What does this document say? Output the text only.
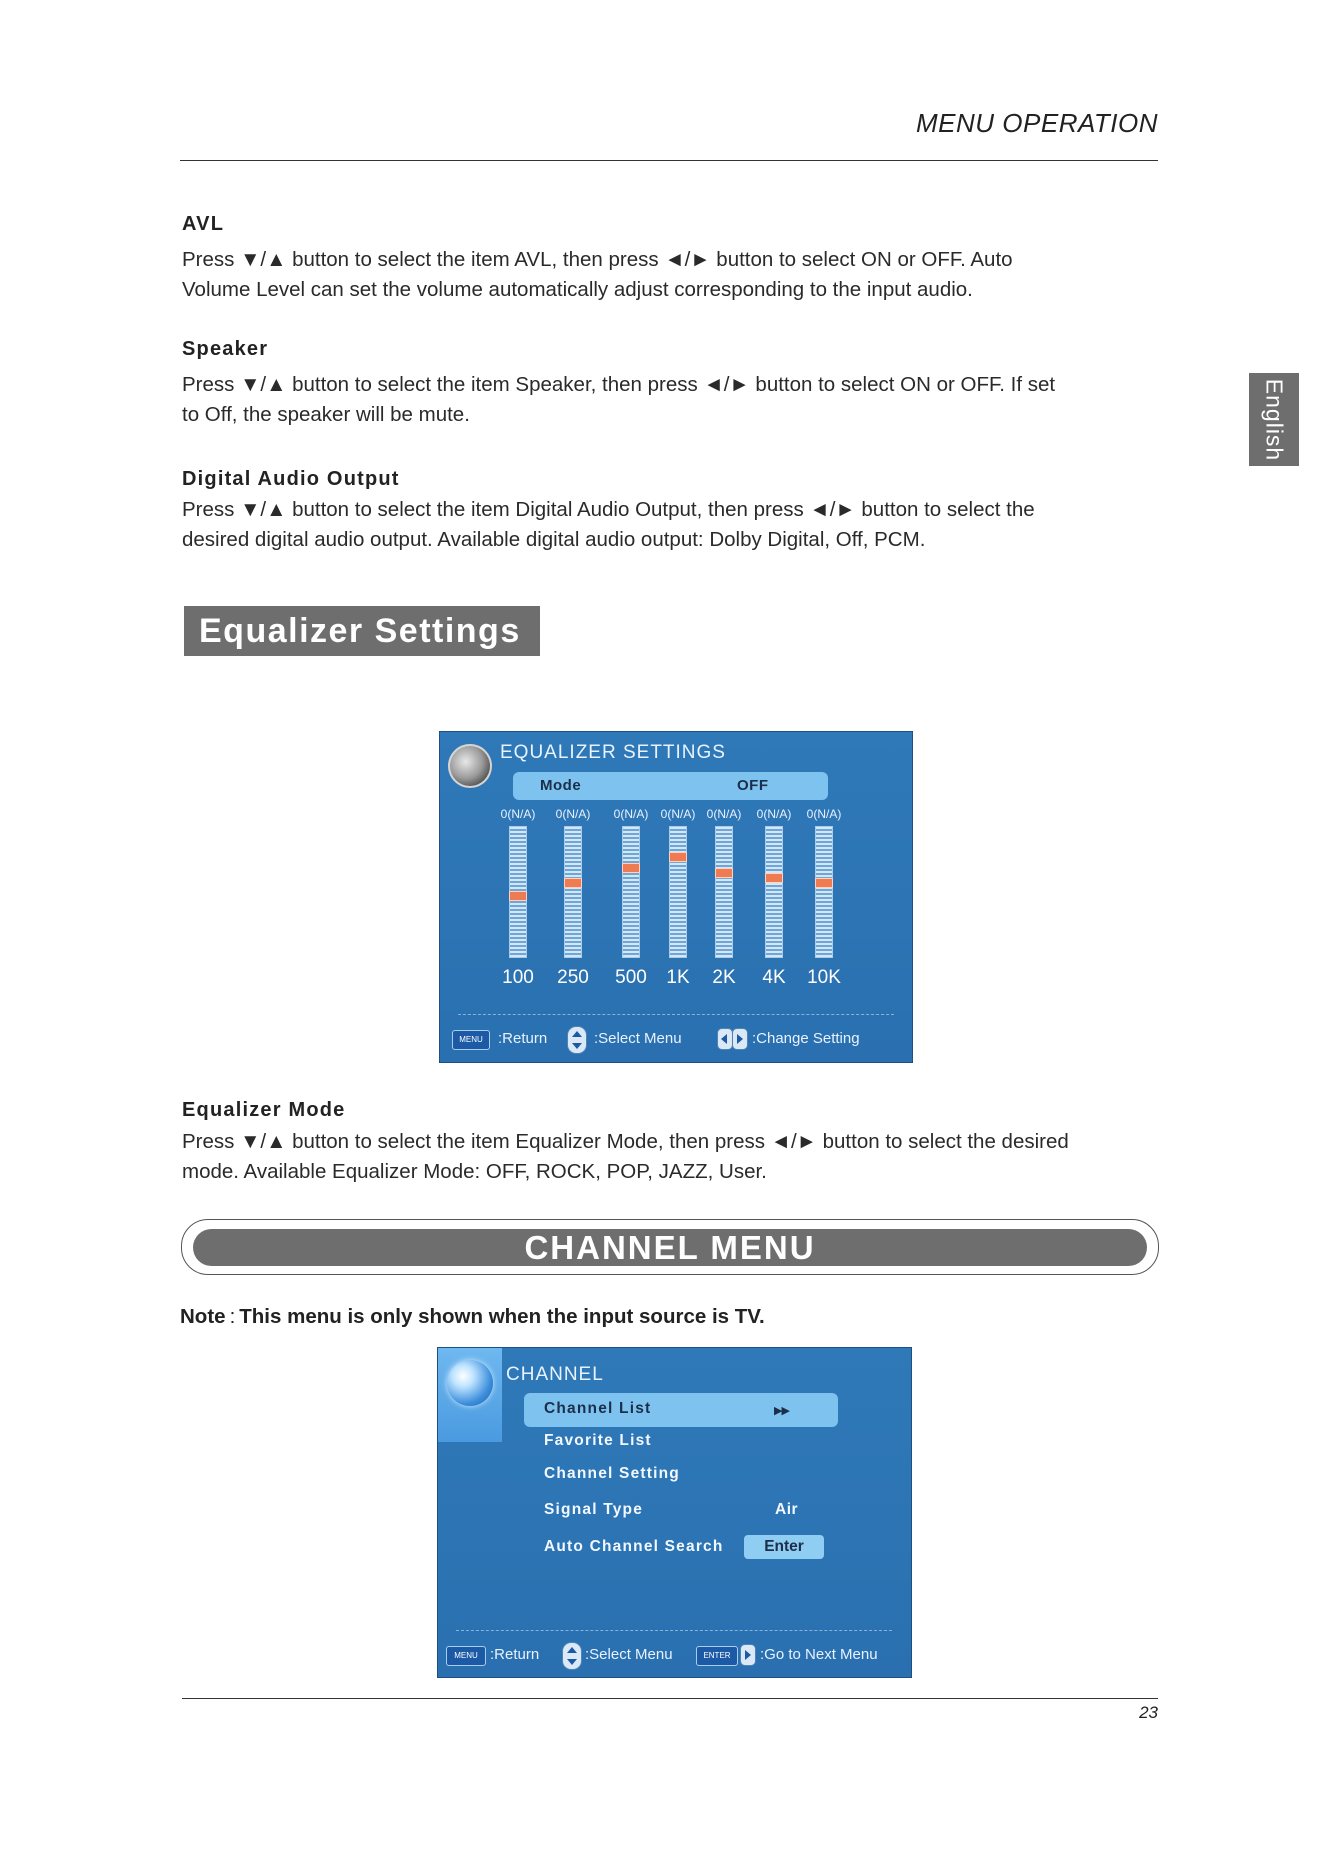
MENU OPERATION
English
AVL
Press ▼/▲ button to select the item AVL, then press ◄/► button to select ON or OFF. Auto
Volume Level can set the volume automatically adjust corresponding to the input audio.
Speaker
Press ▼/▲ button to select the item Speaker, then press ◄/► button to select ON or OFF. If set
to Off, the speaker will be mute.
Digital Audio Output
Press ▼/▲ button to select the item Digital Audio Output, then press ◄/► button to select the
desired digital audio output. Available digital audio output: Dolby Digital, Off, PCM.
Equalizer Settings
EQUALIZER SETTINGS
Mode	OFF
0(N/A)
100
0(N/A)
250
0(N/A)
500
0(N/A)
1K
0(N/A)
2K
0(N/A)
4K
0(N/A)
10K
MENU	:Return	:Select Menu	:Change Setting
Equalizer Mode
Press ▼/▲ button to select the item Equalizer Mode, then press ◄/► button to select the desired
mode. Available Equalizer Mode: OFF, ROCK, POP, JAZZ, User.
CHANNEL MENU
Note : This menu is only shown when the input source is TV.
CHANNEL
Channel List	▶▶
Favorite List
Channel Setting
Signal Type	Air
Auto Channel Search	Enter
MENU :Return	:Select Menu	ENTER	:Go to Next Menu
23
